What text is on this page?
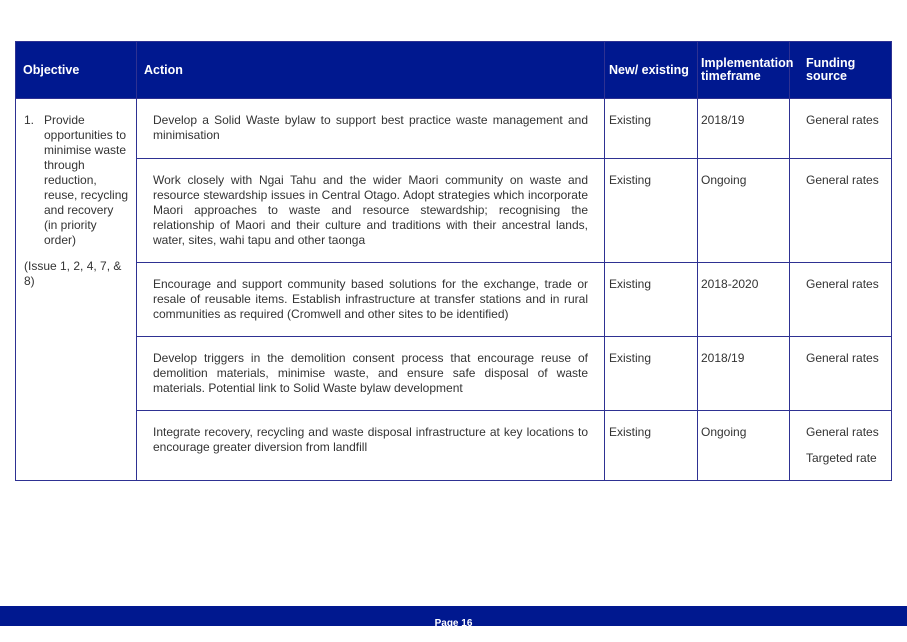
Objective	Action	New/ existing	Implementation timeframe	Funding source

1. Provide opportunities to minimise waste through reduction, reuse, recycling and recovery (in priority order)
(Issue 1, 2, 4, 7, & 8)	Develop a Solid Waste bylaw to support best practice waste management and minimisation	Existing	2018/19	General rates

	Work closely with Ngai Tahu and the wider Maori community on waste and resource stewardship issues in Central Otago. Adopt strategies which incorporate Maori approaches to waste and resource stewardship; recognising the relationship of Maori and their culture and traditions with their ancestral lands, water, sites, wahi tapu and other taonga	Existing	Ongoing	General rates

	Encourage and support community based solutions for the exchange, trade or resale of reusable items. Establish infrastructure at transfer stations and in rural communities as required (Cromwell and other sites to be identified)	Existing	2018-2020	General rates

	Develop triggers in the demolition consent process that encourage reuse of demolition materials, minimise waste, and ensure safe disposal of waste materials. Potential link to Solid Waste bylaw development	Existing	2018/19	General rates

	Integrate recovery, recycling and waste disposal infrastructure at key locations to encourage greater diversion from landfill	Existing	Ongoing	General rates
Targeted rate
Page 16
